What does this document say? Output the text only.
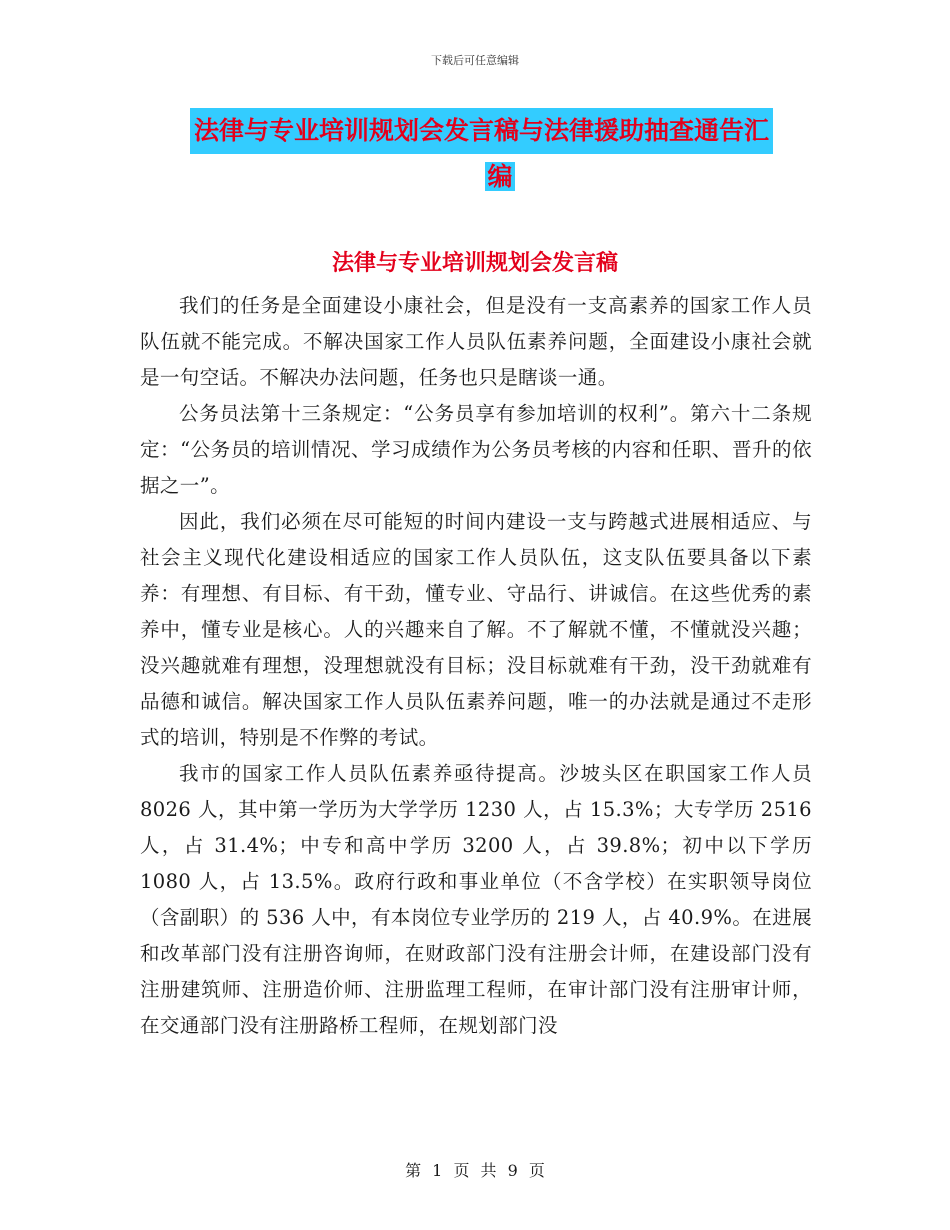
下载后可任意编辑
法律与专业培训规划会发言稿与法律援助抽查通告汇
编
法律与专业培训规划会发言稿

我们的任务是全面建设小康社会，但是没有一支高素养的国家工作人员队伍就不能完成。不解决国家工作人员队伍素养问题，全面建设小康社会就是一句空话。不解决办法问题，任务也只是瞎谈一通。

公务员法第十三条规定：“公务员享有参加培训的权利”。第六十二条规定：“公务员的培训情况、学习成绩作为公务员考核的内容和任职、晋升的依据之一”。

因此，我们必须在尽可能短的时间内建设一支与跨越式进展相适应、与社会主义现代化建设相适应的国家工作人员队伍，这支队伍要具备以下素养：有理想、有目标、有干劲，懂专业、守品行、讲诚信。在这些优秀的素养中，懂专业是核心。人的兴趣来自了解。不了解就不懂，不懂就没兴趣；没兴趣就难有理想，没理想就没有目标；没目标就难有干劲，没干劲就难有品德和诚信。解决国家工作人员队伍素养问题，唯一的办法就是通过不走形式的培训，特别是不作弊的考试。

我市的国家工作人员队伍素养亟待提高。沙坡头区在职国家工作人员 8026 人，其中第一学历为大学学历 1230 人，占 15.3%；大专学历 2516 人，占 31.4%；中专和高中学历 3200 人，占 39.8%；初中以下学历 1080 人，占 13.5%。政府行政和事业单位（不含学校）在实职领导岗位（含副职）的 536 人中，有本岗位专业学历的 219 人，占 40.9%。在进展和改革部门没有注册咨询师，在财政部门没有注册会计师，在建设部门没有注册建筑师、注册造价师、注册监理工程师，在审计部门没有注册审计师，在交通部门没有注册路桥工程师，在规划部门没

第 1 页 共 9 页
